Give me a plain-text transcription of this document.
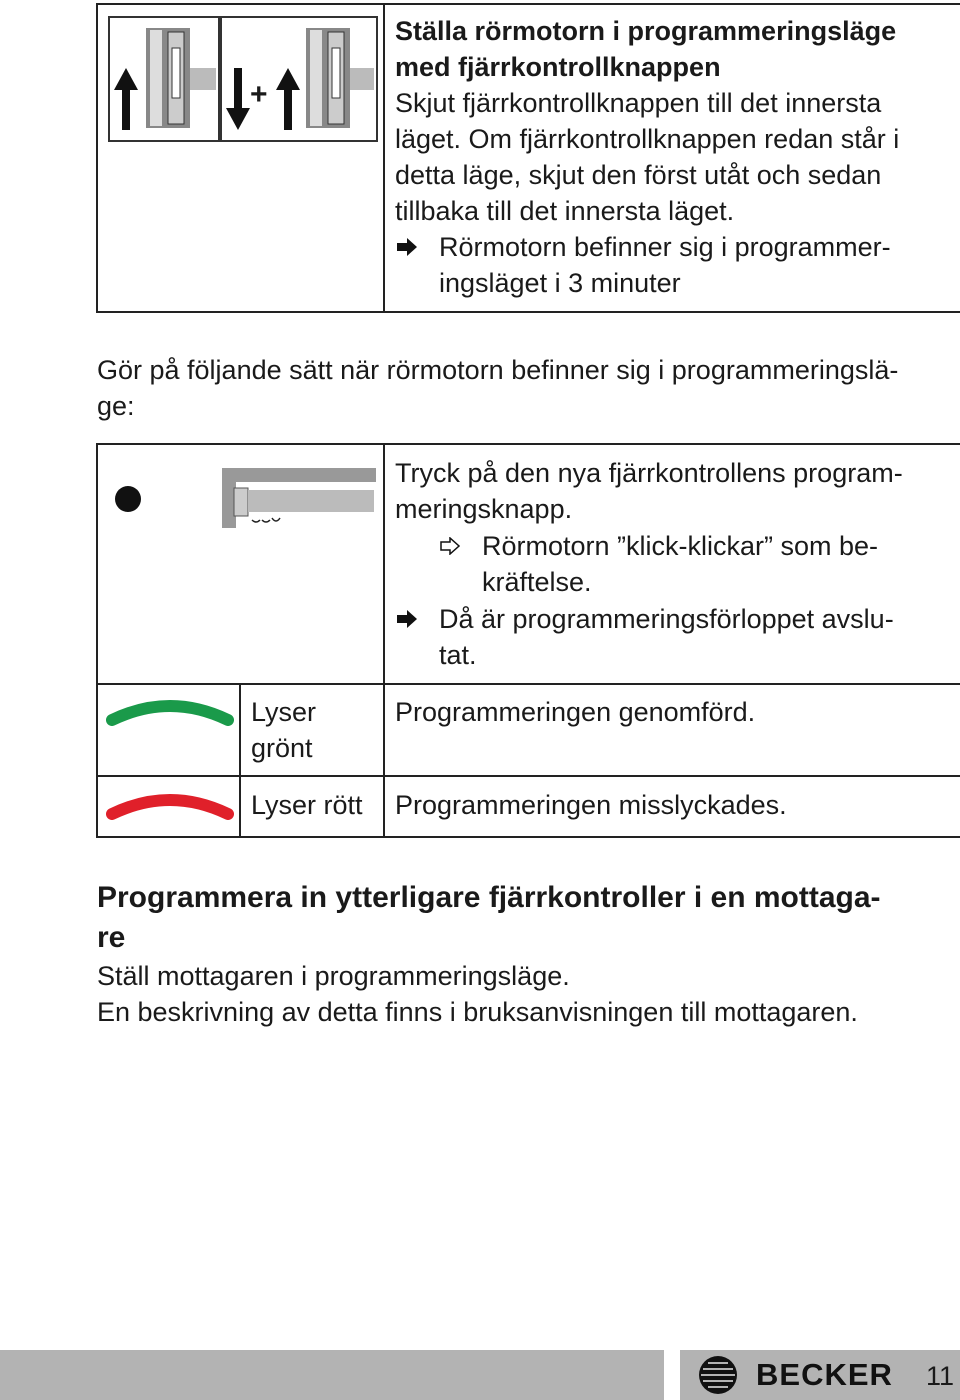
+
Ställa rörmotorn i programmeringsläge
med fjärrkontrollknappen
Skjut fjärrkontrollknappen till det innersta
läget. Om fjärrkontrollknappen redan står i
detta läge, skjut den först utåt och sedan
tillbaka till det innersta läget.
Rörmotorn befinner sig i programmer-
ingsläget i 3 minuter
Gör på följande sätt när rörmotorn befinner sig i programmeringslä-
ge:
Tryck på den nya fjärrkontrollens program-
meringsknapp.
Rörmotorn ”klick-klickar” som be-
kräftelse.
Då är programmeringsförloppet avslu-
tat.
Lyser
grönt
Programmeringen genomförd.
Lyser rött Programmeringen misslyckades.
Programmera in ytterligare fjärrkontroller i en mottaga-
re
Ställ mottagaren i programmeringsläge.
En beskrivning av detta finns i bruksanvisningen till mottagaren.
BECKER 11
